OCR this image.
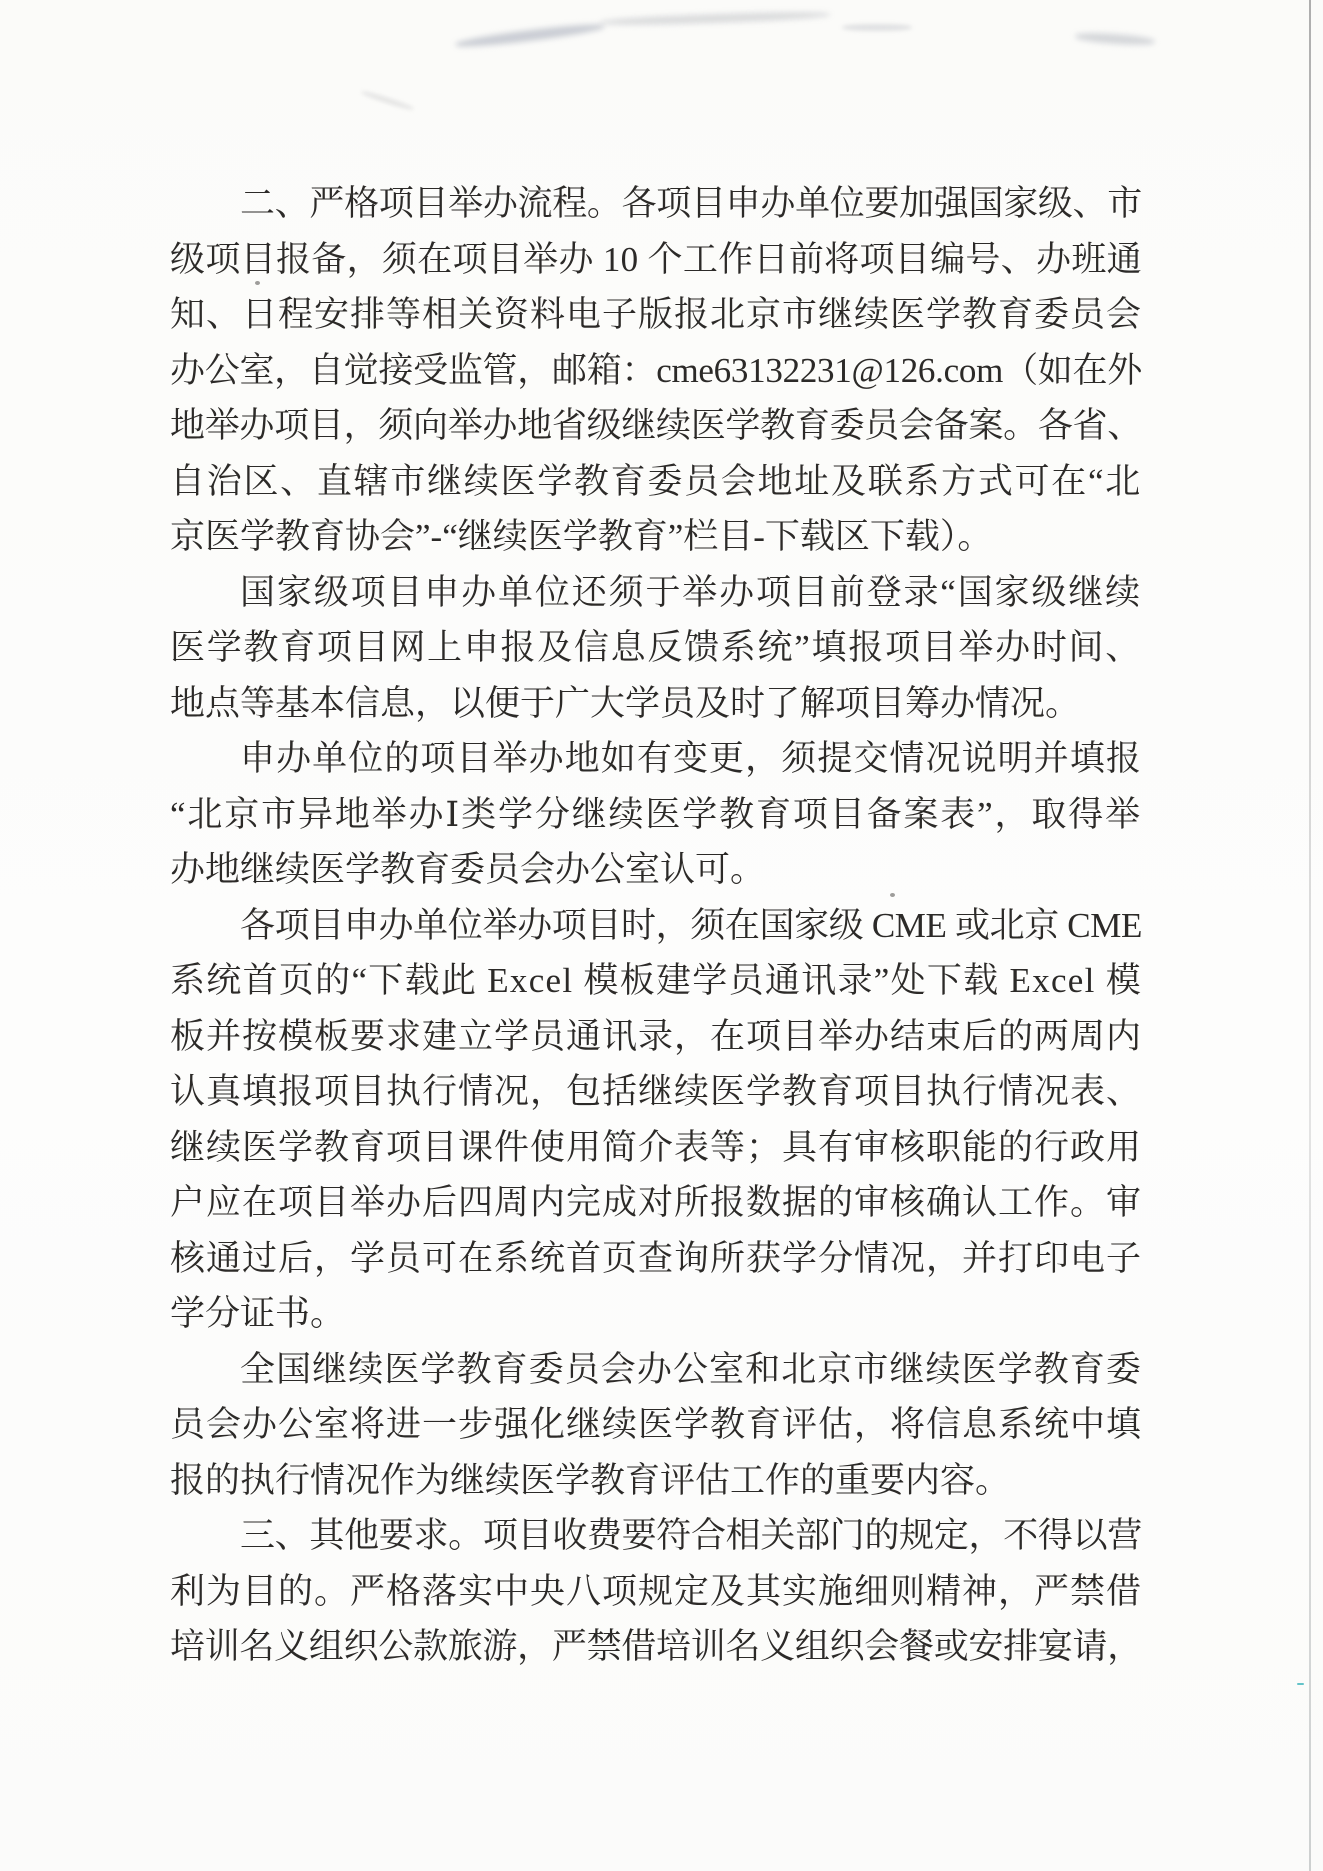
二、严格项目举办流程。各项目申办单位要加强国家级、市
级项目报备，须在项目举办 10 个工作日前将项目编号、办班通
知、日程安排等相关资料电子版报北京市继续医学教育委员会
办公室，自觉接受监管，邮箱：cme63132231@126.com（如在外
地举办项目，须向举办地省级继续医学教育委员会备案。各省、
自治区、直辖市继续医学教育委员会地址及联系方式可在“北
京医学教育协会”-“继续医学教育”栏目-下载区下载）。
国家级项目申办单位还须于举办项目前登录“国家级继续
医学教育项目网上申报及信息反馈系统”填报项目举办时间、
地点等基本信息，以便于广大学员及时了解项目筹办情况。
申办单位的项目举办地如有变更，须提交情况说明并填报
“北京市异地举办Ⅰ类学分继续医学教育项目备案表”，取得举
办地继续医学教育委员会办公室认可。
各项目申办单位举办项目时，须在国家级 CME 或北京 CME
系统首页的“下载此 Excel 模板建学员通讯录”处下载 Excel 模
板并按模板要求建立学员通讯录，在项目举办结束后的两周内
认真填报项目执行情况，包括继续医学教育项目执行情况表、
继续医学教育项目课件使用简介表等；具有审核职能的行政用
户应在项目举办后四周内完成对所报数据的审核确认工作。审
核通过后，学员可在系统首页查询所获学分情况，并打印电子
学分证书。
全国继续医学教育委员会办公室和北京市继续医学教育委
员会办公室将进一步强化继续医学教育评估，将信息系统中填
报的执行情况作为继续医学教育评估工作的重要内容。
三、其他要求。项目收费要符合相关部门的规定，不得以营
利为目的。严格落实中央八项规定及其实施细则精神，严禁借
培训名义组织公款旅游，严禁借培训名义组织会餐或安排宴请，
